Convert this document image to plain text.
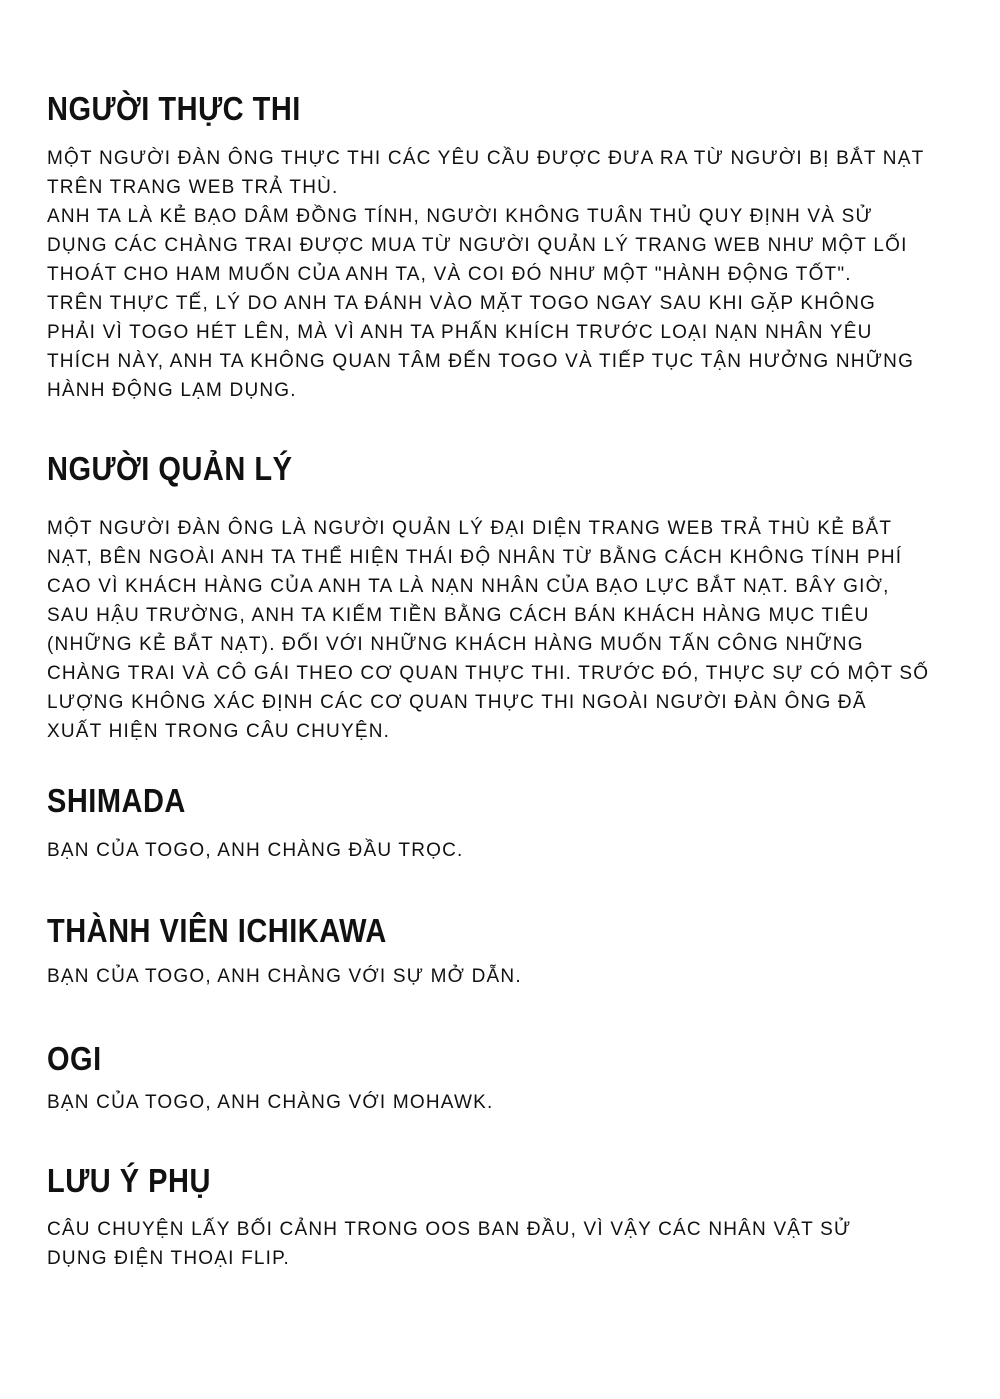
NGƯỜI THỰC THI
MỘT NGƯỜI ĐÀN ÔNG THỰC THI CÁC YÊU CẦU ĐƯỢC ĐƯA RA TỪ NGƯỜI BỊ BẮT NẠT
TRÊN TRANG WEB TRẢ THÙ.
ANH TA LÀ KẺ BẠO DÂM ĐỒNG TÍNH, NGƯỜI KHÔNG TUÂN THỦ QUY ĐỊNH VÀ SỬ
DỤNG CÁC CHÀNG TRAI ĐƯỢC MUA TỪ NGƯỜI QUẢN LÝ TRANG WEB NHƯ MỘT LỐI
THOÁT CHO HAM MUỐN CỦA ANH TA, VÀ COI ĐÓ NHƯ MỘT "HÀNH ĐỘNG TỐT".
TRÊN THỰC TẾ, LÝ DO ANH TA ĐÁNH VÀO MẶT TOGO NGAY SAU KHI GẶP KHÔNG
PHẢI VÌ TOGO HÉT LÊN, MÀ VÌ ANH TA PHẤN KHÍCH TRƯỚC LOẠI NẠN NHÂN YÊU
THÍCH NÀY, ANH TA KHÔNG QUAN TÂM ĐẾN TOGO VÀ TIẾP TỤC TẬN HƯỞNG NHỮNG
HÀNH ĐỘNG LẠM DỤNG.
NGƯỜI QUẢN LÝ
MỘT NGƯỜI ĐÀN ÔNG LÀ NGƯỜI QUẢN LÝ ĐẠI DIỆN TRANG WEB TRẢ THÙ KẺ BẮT
NẠT, BÊN NGOÀI ANH TA THỂ HIỆN THÁI ĐỘ NHÂN TỪ BẰNG CÁCH KHÔNG TÍNH PHÍ
CAO VÌ KHÁCH HÀNG CỦA ANH TA LÀ NẠN NHÂN CỦA BẠO LỰC BẮT NẠT. BÂY GIỜ,
SAU HẬU TRƯỜNG, ANH TA KIẾM TIỀN BẰNG CÁCH BÁN KHÁCH HÀNG MỤC TIÊU
(NHỮNG KẺ BẮT NẠT). ĐỐI VỚI NHỮNG KHÁCH HÀNG MUỐN TẤN CÔNG NHỮNG
CHÀNG TRAI VÀ CÔ GÁI THEO CƠ QUAN THỰC THI. TRƯỚC ĐÓ, THỰC SỰ CÓ MỘT SỐ
LƯỢNG KHÔNG XÁC ĐỊNH CÁC CƠ QUAN THỰC THI NGOÀI NGƯỜI ĐÀN ÔNG ĐÃ
XUẤT HIỆN TRONG CÂU CHUYỆN.
SHIMADA
BẠN CỦA TOGO, ANH CHÀNG ĐẦU TRỌC.
THÀNH VIÊN ICHIKAWA
BẠN CỦA TOGO, ANH CHÀNG VỚI SỰ MỞ DẪN.
OGI
BẠN CỦA TOGO, ANH CHÀNG VỚI MOHAWK.
LƯU Ý PHỤ
CÂU CHUYỆN LẤY BỐI CẢNH TRONG OOS BAN ĐẦU, VÌ VẬY CÁC NHÂN VẬT SỬ
DỤNG ĐIỆN THOẠI FLIP.
